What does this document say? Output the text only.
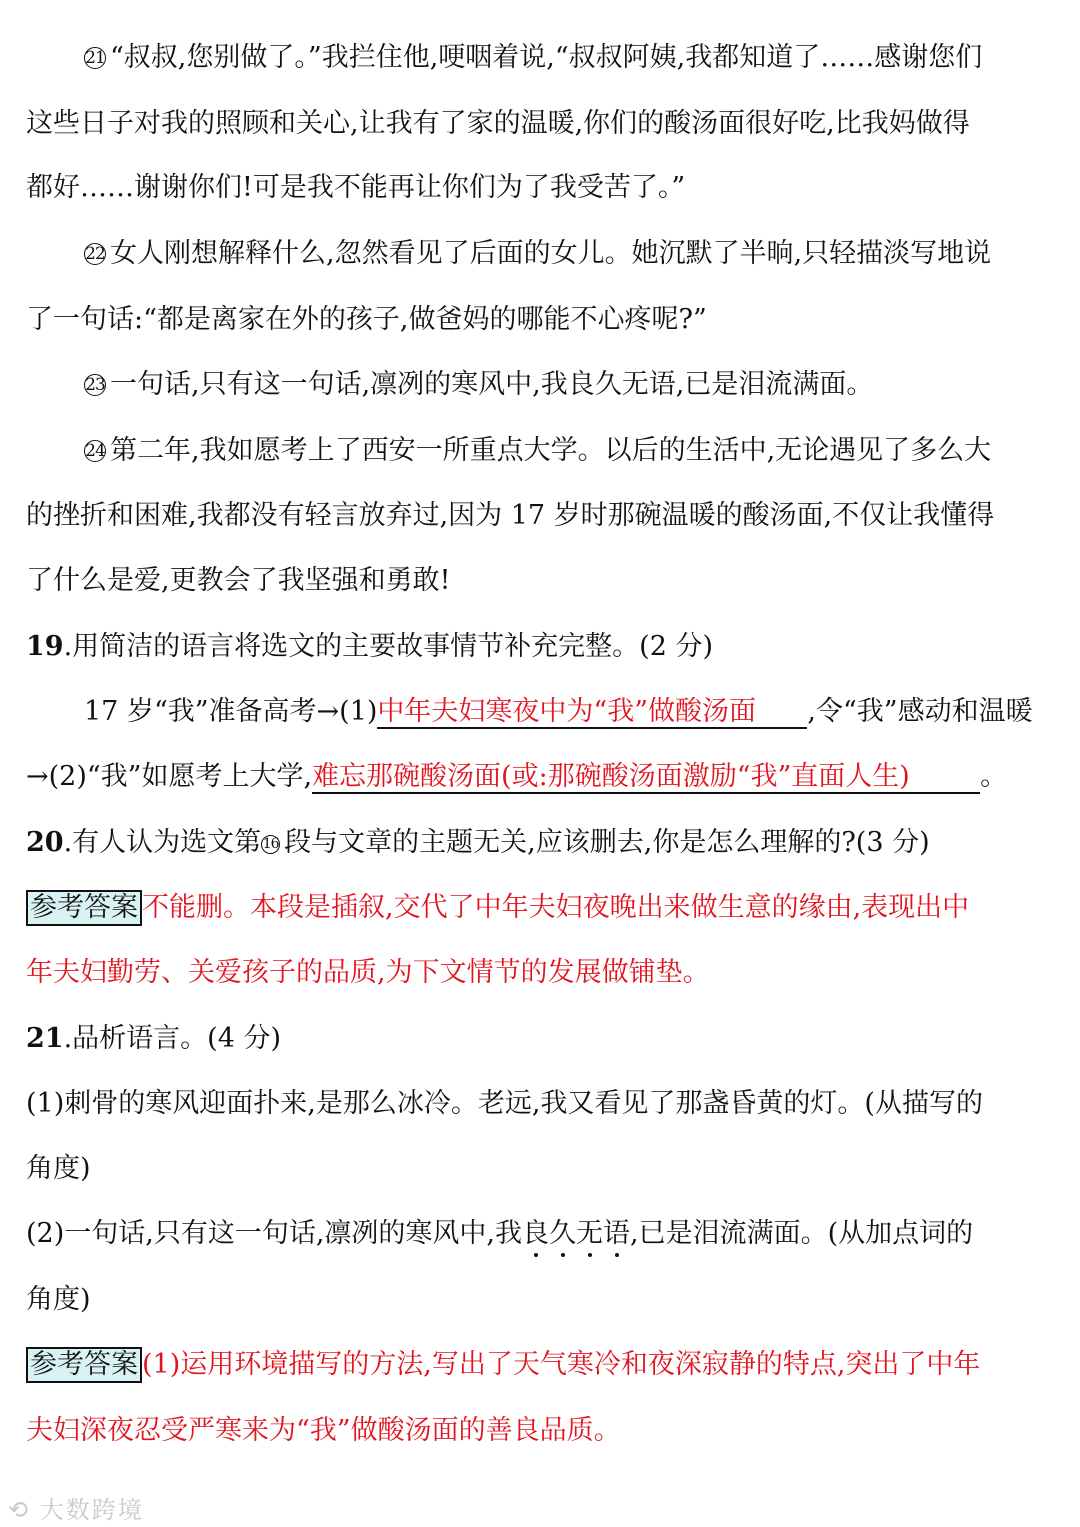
21 “叔叔,您别做了。”我拦住他,哽咽着说,“叔叔阿姨,我都知道了……感谢您们
这些日子对我的照顾和关心,让我有了家的温暖,你们的酸汤面很好吃,比我妈做得
都好……谢谢你们!可是我不能再让你们为了我受苦了。”
22 女人刚想解释什么,忽然看见了后面的女儿。她沉默了半晌,只轻描淡写地说
了一句话:“都是离家在外的孩子,做爸妈的哪能不心疼呢?”
23 一句话,只有这一句话,凛冽的寒风中,我良久无语,已是泪流满面。
24 第二年,我如愿考上了西安一所重点大学。以后的生活中,无论遇见了多么大
的挫折和困难,我都没有轻言放弃过,因为 17 岁时那碗温暖的酸汤面,不仅让我懂得
了什么是爱,更教会了我坚强和勇敢!
19.用简洁的语言将选文的主要故事情节补充完整。(2 分)
17 岁“我”准备高考→(1)中年夫妇寒夜中为“我”做酸汤面 ,令“我”感动和温暖
→(2)“我”如愿考上大学,难忘那碗酸汤面(或:那碗酸汤面激励“我”直面人生)	。
20.有人认为选文第 16 段与文章的主题无关,应该删去,你是怎么理解的?(3 分)
参考答案 不能删。本段是插叙,交代了中年夫妇夜晚出来做生意的缘由,表现出中
年夫妇勤劳、关爱孩子的品质,为下文情节的发展做铺垫。
21.品析语言。(4 分)
(1)刺骨的寒风迎面扑来,是那么冰冷。老远,我又看见了那盏昏黄的灯。(从描写的
角度)
(2)一句话,只有这一句话,凛冽的寒风中,我良久无语,已是泪流满面。(从加点词的
角度)
参考答案 (1)运用环境描写的方法,写出了天气寒冷和夜深寂静的特点,突出了中年
夫妇深夜忍受严寒来为“我”做酸汤面的善良品质。
⟲ 大数跨境
